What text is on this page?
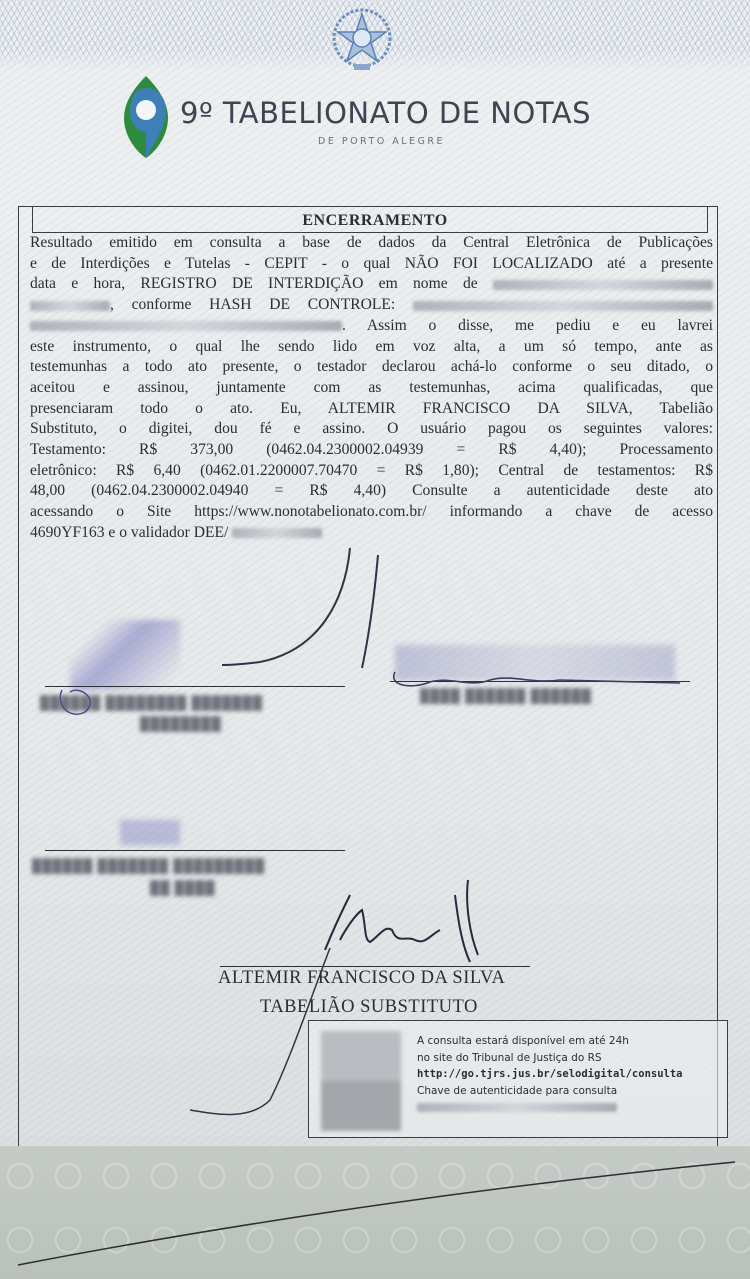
9º TABELIONATO DE NOTAS
DE PORTO ALEGRE
ENCERRAMENTO
Resultado emitido em consulta a base de dados da Central Eletrônica de Publicações
e de Interdições e Tutelas - CEPIT - o qual NÃO FOI LOCALIZADO até a presente
data e hora, REGISTRO DE INTERDIÇÃO em nome de
, conforme HASH DE CONTROLE:
. Assim o disse, me pediu e eu lavrei
este instrumento, o qual lhe sendo lido em voz alta, a um só tempo, ante as
testemunhas a todo ato presente, o testador declarou achá-lo conforme o seu ditado, o
aceitou e assinou, juntamente com as testemunhas, acima qualificadas, que
presenciaram todo o ato. Eu, ALTEMIR FRANCISCO DA SILVA, Tabelião
Substituto, o digitei, dou fé e assino. O usuário pagou os seguintes valores:
Testamento: R$ 373,00 (0462.04.2300002.04939 = R$ 4,40); Processamento
eletrônico: R$ 6,40 (0462.01.2200007.70470 = R$ 1,80); Central de testamentos: R$
48,00 (0462.04.2300002.04940 = R$ 4,40) Consulte a autenticidade deste ato
acessando o Site https://www.nonotabelionato.com.br/ informando a chave de acesso
4690YF163 e o validador DEE/
██████ ████████ ███████
████████
████ ██████ ██████
██████ ███████ █████████
██ ████
ALTEMIR FRANCISCO DA SILVA
TABELIÃO SUBSTITUTO
A consulta estará disponível em até 24h
no site do Tribunal de Justiça do RS
http://go.tjrs.jus.br/selodigital/consulta
Chave de autenticidade para consulta
